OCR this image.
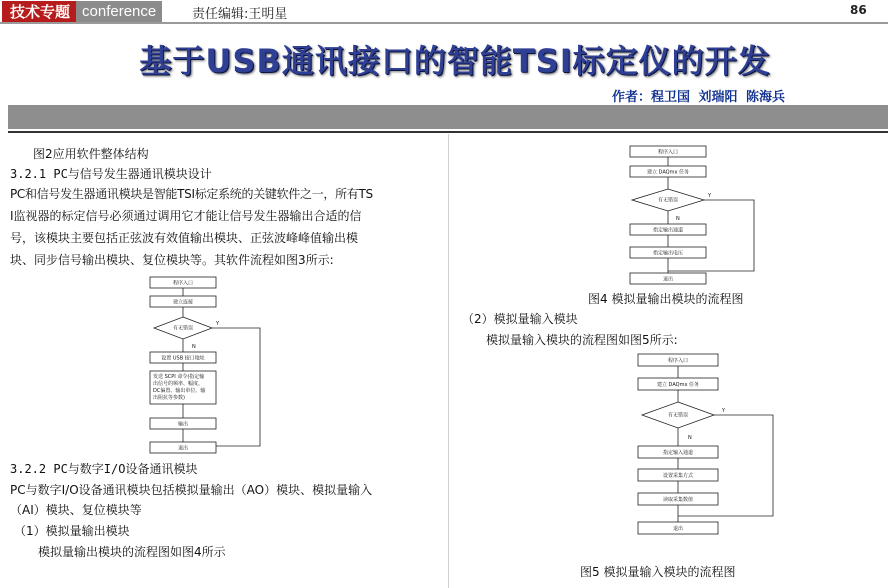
技术专题 conference	责任编辑:王明星	86
基于USB通讯接口的智能TSI标定仪的开发
作者：程卫国 刘瑞阳 陈海兵
图2应用软件整体结构
3.2.1 PC与信号发生器通讯模块设计
PC和信号发生器通讯模块是智能TSI标定系统的关键软件之一，所有TS
I监视器的标定信号必须通过调用它才能让信号发生器输出合适的信
号，该模块主要包括正弦波有效值输出模块、正弦波峰峰值输出模
块、同步信号输出模块、复位模块等。其软件流程如图3所示:
程序入口
建立连接
有无错误
Y
N
设置 USB 接口地址
发送 SCPI 命令(指定输
出信号的频率、幅度、
DC偏置、输出单位、输
出阻抗等参数)
输出
退出
3.2.2 PC与数字I/O设备通讯模块
PC与数字I/O设备通讯模块包括模拟量输出（AO）模块、模拟量输入
（AI）模块、复位模块等
（1）模拟量输出模块
模拟量输出模块的流程图如图4所示
程序入口
建立 DAQmx 任务
有无错误
Y
N
指定输出通道
指定输出电压
退出
图4 模拟量输出模块的流程图
（2）模拟量输入模块
模拟量输入模块的流程图如图5所示:
程序入口
建立 DAQmx 任务
有无错误
Y
N
指定输入通道
设置采集方式
读取采集数值
退出
图5 模拟量输入模块的流程图
